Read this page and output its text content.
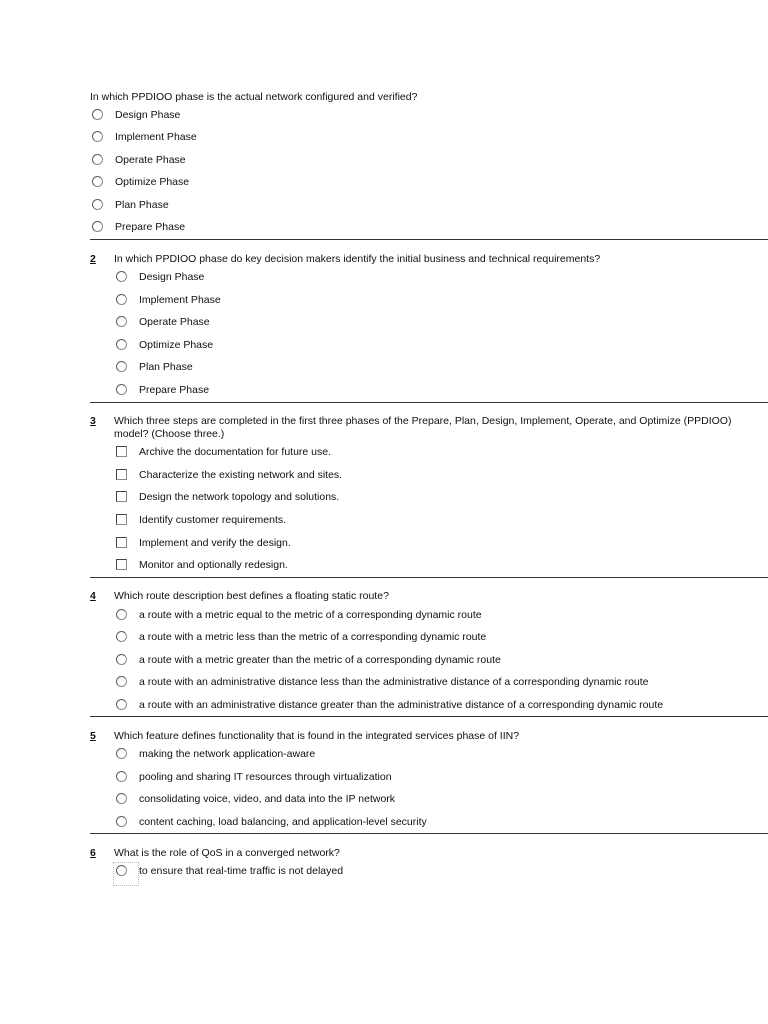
In which PPDIOO phase is the actual network configured and verified?
Design Phase
Implement Phase
Operate Phase
Optimize Phase
Plan Phase
Prepare Phase
2 In which PPDIOO phase do key decision makers identify the initial business and technical requirements?
Design Phase
Implement Phase
Operate Phase
Optimize Phase
Plan Phase
Prepare Phase
3 Which three steps are completed in the first three phases of the Prepare, Plan, Design, Implement, Operate, and Optimize (PPDIOO)
model? (Choose three.)
Archive the documentation for future use.
Characterize the existing network and sites.
Design the network topology and solutions.
Identify customer requirements.
Implement and verify the design.
Monitor and optionally redesign.
4 Which route description best defines a floating static route?
a route with a metric equal to the metric of a corresponding dynamic route
a route with a metric less than the metric of a corresponding dynamic route
a route with a metric greater than the metric of a corresponding dynamic route
a route with an administrative distance less than the administrative distance of a corresponding dynamic route
a route with an administrative distance greater than the administrative distance of a corresponding dynamic route
5 Which feature defines functionality that is found in the integrated services phase of IIN?
making the network application-aware
pooling and sharing IT resources through virtualization
consolidating voice, video, and data into the IP network
content caching, load balancing, and application-level security
6 What is the role of QoS in a converged network?
to ensure that real-time traffic is not delayed
